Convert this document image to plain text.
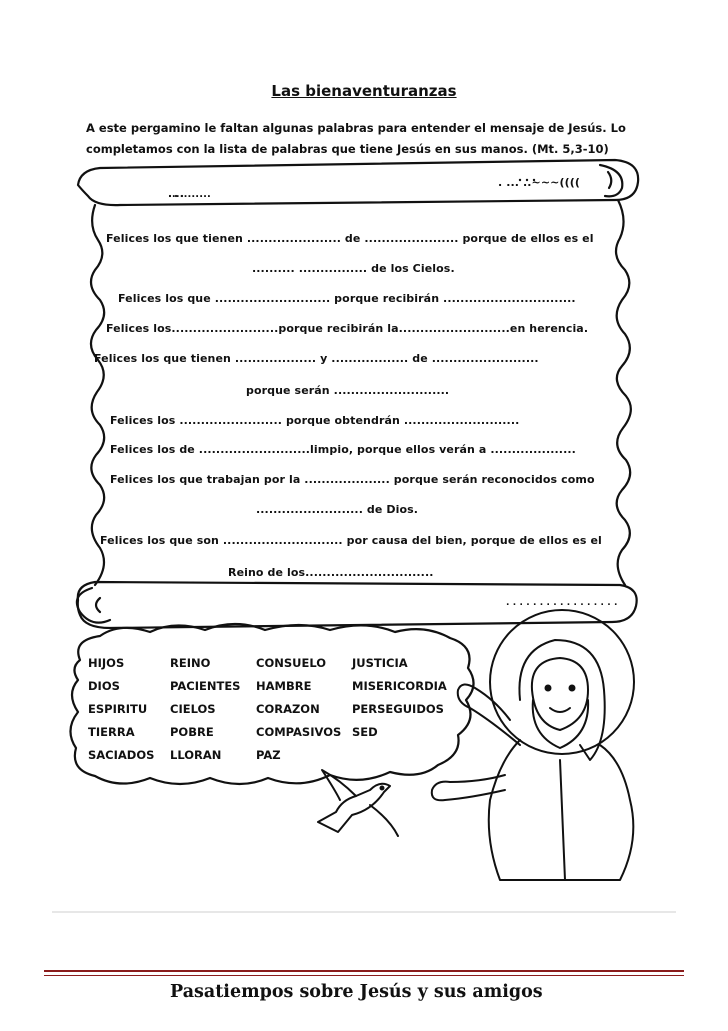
Las bienaventuranzas
A este pergamino le faltan algunas palabras para entender el mensaje de Jesús. Lo
completamos con la lista de palabras que tiene Jesús en sus manos. (Mt. 5,3-10)
...........
. ... ..~~~((((
. . . . . . . . . . . . . . . . .
Felices los que tienen ...................... de ...................... porque de ellos es el
.......... ................ de los Cielos.
Felices los que ........................... porque recibirán ...............................
Felices los.........................porque recibirán la..........................en herencia.
Felices los que tienen ................... y .................. de .........................
porque serán ...........................
Felices los ........................ porque obtendrán ...........................
Felices los de ..........................limpio, porque ellos verán a ....................
Felices los que trabajan por la .................... porque serán reconocidos como
......................... de Dios.
Felices los que son ............................ por causa del bien, porque de ellos es el
Reino de los..............................
HIJOS
DIOS
ESPIRITU
TIERRA
SACIADOS
REINO
PACIENTES
CIELOS
POBRE
LLORAN
CONSUELO
HAMBRE
CORAZON
COMPASIVOS
PAZ
JUSTICIA
MISERICORDIA
PERSEGUIDOS
SED
Pasatiempos sobre Jesús y sus amigos
